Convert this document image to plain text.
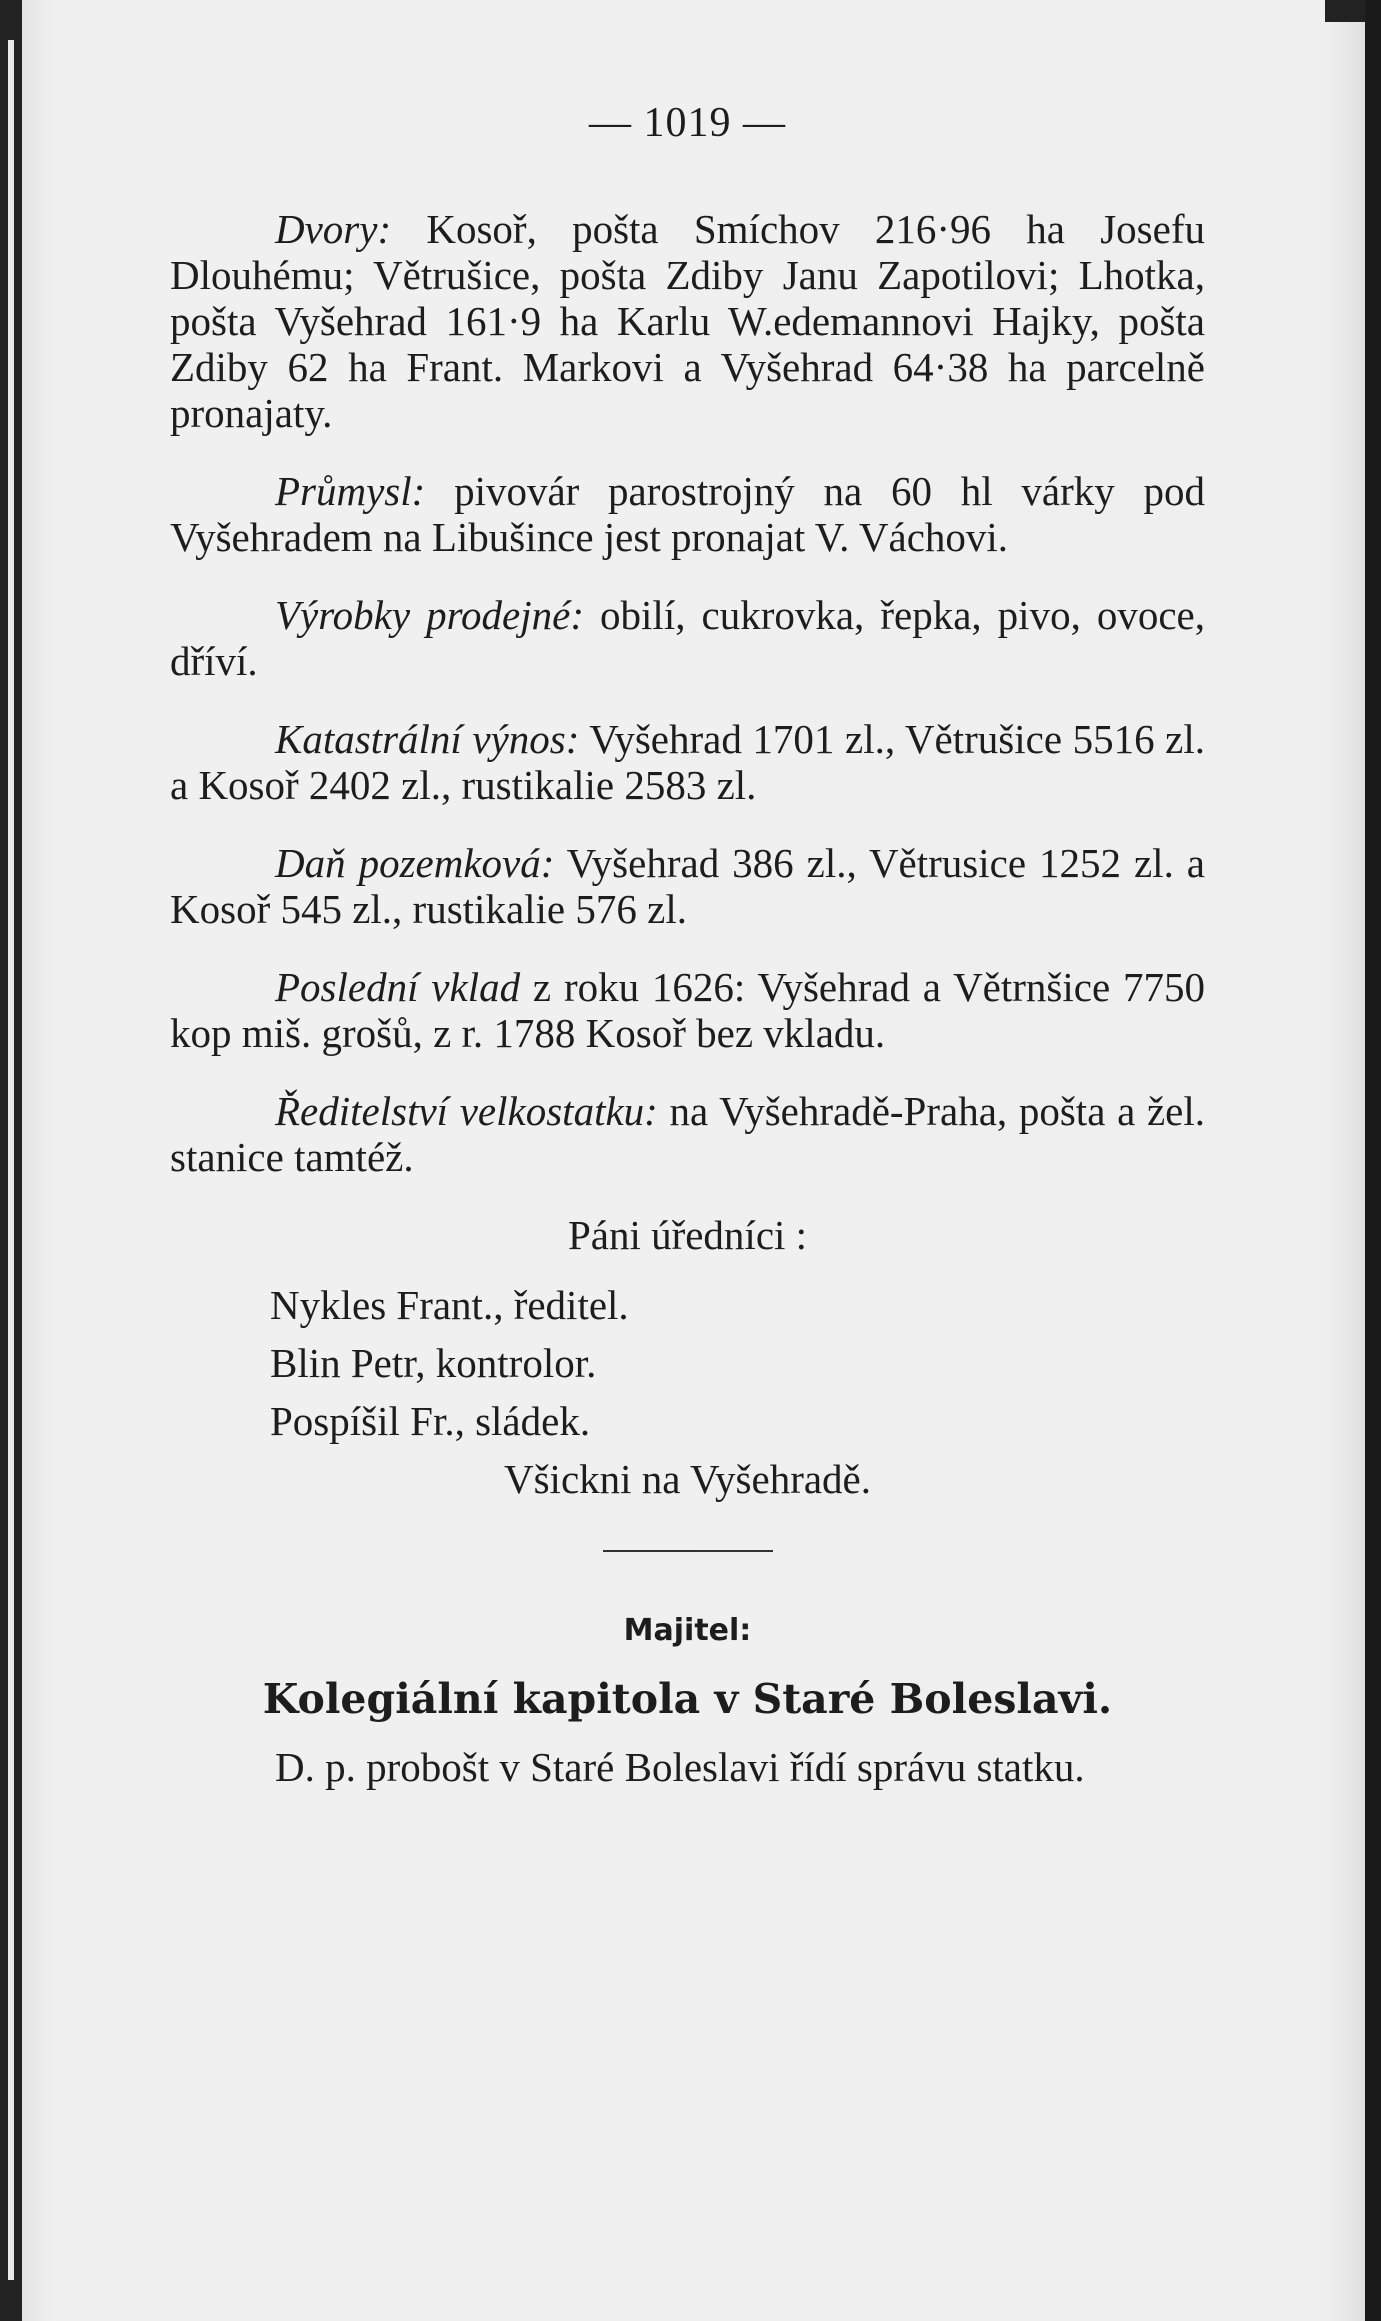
— 1019 —

Dvory: Kosoř, pošta Smíchov 216·96 ha Josefu Dlouhému; Větrušice, pošta Zdiby Janu Zapotilovi; Lhotka, pošta Vyšehrad 161·9 ha Karlu W.edemannovi Hajky, pošta Zdiby 62 ha Frant. Markovi a Vyšehrad 64·38 ha parcelně pronajaty.

Průmysl: pivovár parostrojný na 60 hl várky pod Vyšehradem na Libušince jest pronajat V. Váchovi.

Výrobky prodejné: obilí, cukrovka, řepka, pivo, ovoce, dříví.

Katastrální výnos: Vyšehrad 1701 zl., Větrušice 5516 zl. a Kosoř 2402 zl., rustikalie 2583 zl.

Daň pozemková: Vyšehrad 386 zl., Větrusice 1252 zl. a Kosoř 545 zl., rustikalie 576 zl.

Poslední vklad z roku 1626: Vyšehrad a Větrnšice 7750 kop miš. grošů, z r. 1788 Kosoř bez vkladu.

Ředitelství velkostatku: na Vyšehradě-Praha, pošta a žel. stanice tamtéž.

Páni úředníci :
Nykles Frant., ředitel.
Blin Petr, kontrolor.
Pospíšil Fr., sládek.
Všickni na Vyšehradě.
Majitel:
Kolegiální kapitola v Staré Boleslavi.

D. p. probošt v Staré Boleslavi řídí správu statku.
